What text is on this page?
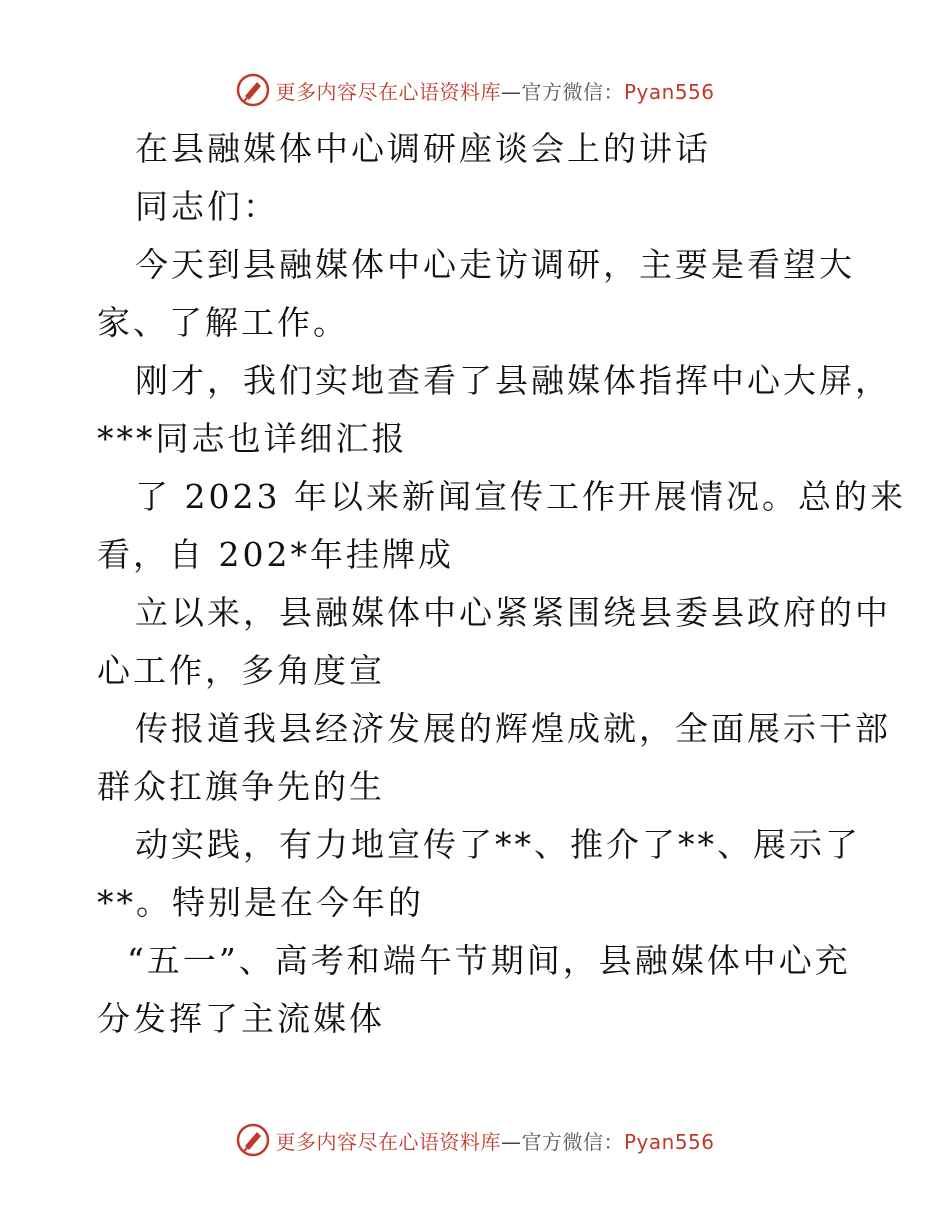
更多内容尽在心语资料库—官方微信：Pyan556
在县融媒体中心调研座谈会上的讲话
同志们：
今天到县融媒体中心走访调研，主要是看望大
家、了解工作。
刚才，我们实地查看了县融媒体指挥中心大屏，
***同志也详细汇报
了 2023 年以来新闻宣传工作开展情况。总的来
看，自 202*年挂牌成
立以来，县融媒体中心紧紧围绕县委县政府的中
心工作，多角度宣
传报道我县经济发展的辉煌成就，全面展示干部
群众扛旗争先的生
动实践，有力地宣传了**、推介了**、展示了
**。特别是在今年的
“五一”、高考和端午节期间，县融媒体中心充
分发挥了主流媒体
更多内容尽在心语资料库—官方微信：Pyan556
